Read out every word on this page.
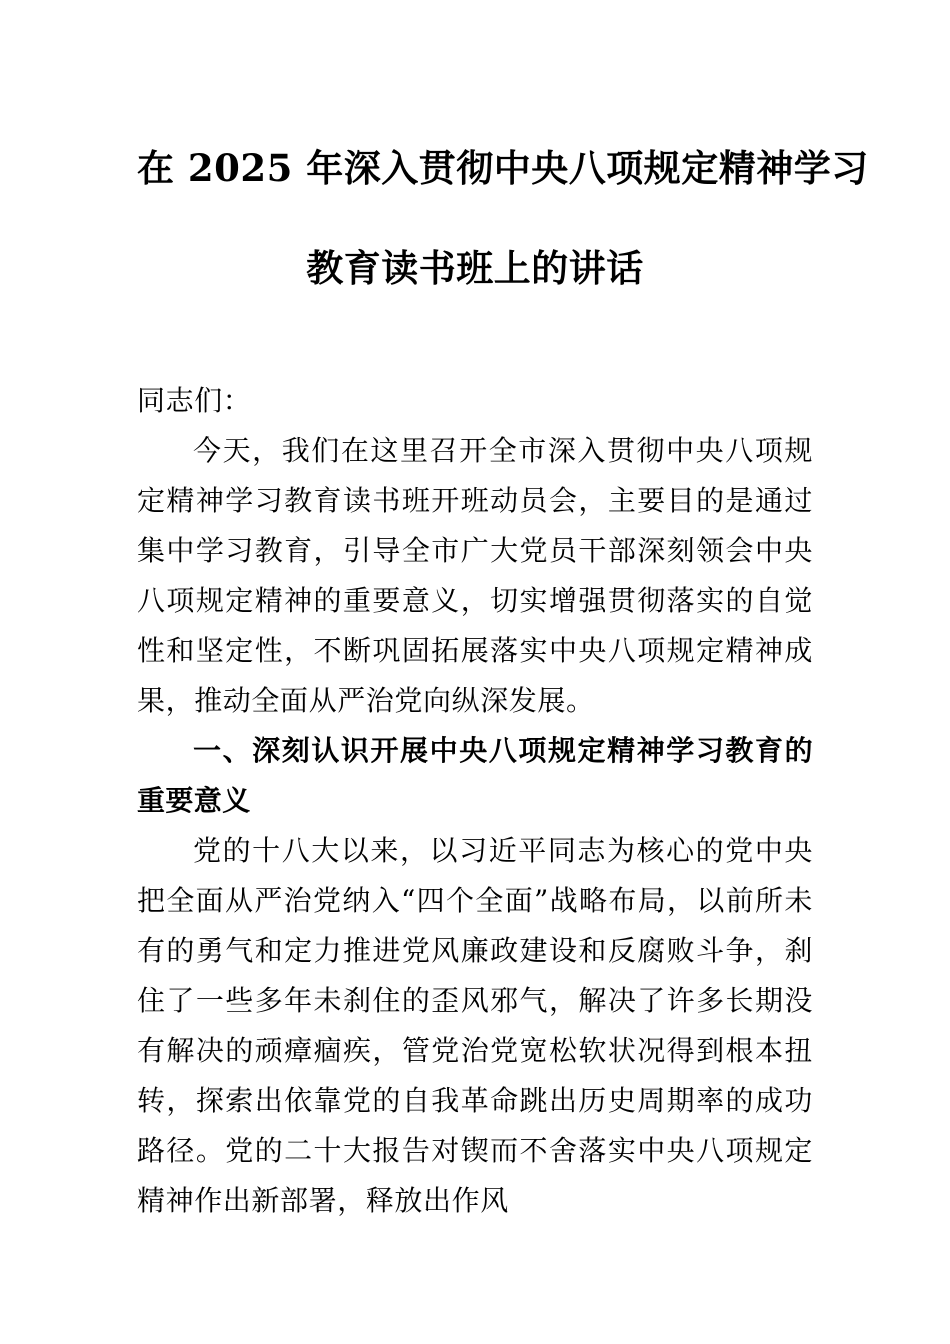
在 2025 年深入贯彻中央八项规定精神学习
教育读书班上的讲话

同志们：

今天，我们在这里召开全市深入贯彻中央八项规定精神学习教育读书班开班动员会，主要目的是通过集中学习教育，引导全市广大党员干部深刻领会中央八项规定精神的重要意义，切实增强贯彻落实的自觉性和坚定性，不断巩固拓展落实中央八项规定精神成果，推动全面从严治党向纵深发展。

一、深刻认识开展中央八项规定精神学习教育的重要意义

党的十八大以来，以习近平同志为核心的党中央把全面从严治党纳入“四个全面”战略布局，以前所未有的勇气和定力推进党风廉政建设和反腐败斗争，刹住了一些多年未刹住的歪风邪气，解决了许多长期没有解决的顽瘴痼疾，管党治党宽松软状况得到根本扭转，探索出依靠党的自我革命跳出历史周期率的成功路径。党的二十大报告对锲而不舍落实中央八项规定精神作出新部署，释放出作风
